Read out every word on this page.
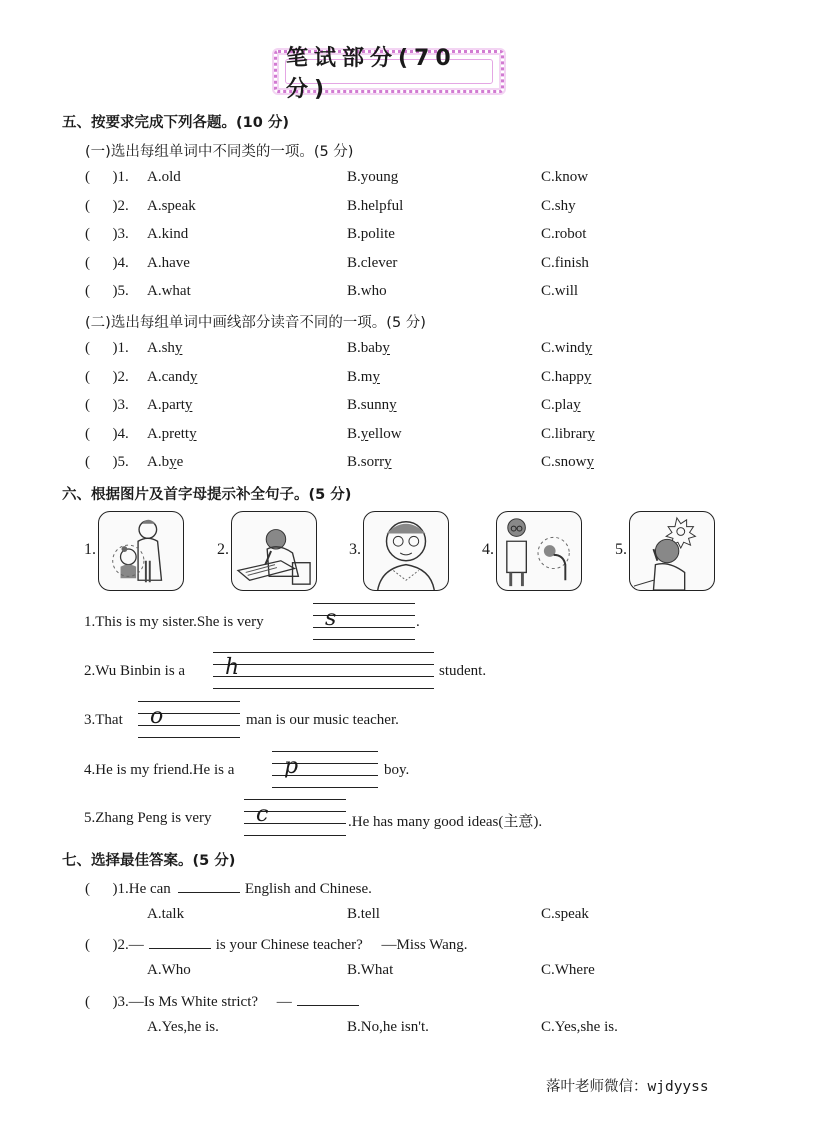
笔试部分(70 分)
五、按要求完成下列各题。(10 分)
(一)选出每组单词中不同类的一项。(5 分)
(      )1. A.old	B.young	C.know
(      )2. A.speak	B.helpful	C.shy
(      )3. A.kind	B.polite	C.robot
(      )4. A.have	B.clever	C.finish
(      )5. A.what	B.who	C.will
(二)选出每组单词中画线部分读音不同的一项。(5 分)
(      )1. A.shy	B.baby	C.windy
(      )2. A.candy	B.my	C.happy
(      )3. A.party	B.sunny	C.play
(      )4. A.pretty	B.yellow	C.library
(      )5. A.bye	B.sorry	C.snowy
六、根据图片及首字母提示补全句子。(5 分)
1.	2.	3.	4.	5.
1.This is my sister.She is very	s	.
2.Wu Binbin is a h	student.
3.That o	man is our music teacher.
4.He is my friend.He is a p	boy.
5.Zhang Peng is very c	.He has many good ideas(主意).
七、选择最佳答案。(5 分)
(      )1.He can	English and Chinese.
A.talk	B.tell	C.speak
(      )2.—	is your Chinese teacher?     —Miss Wang.
A.Who	B.What	C.Where
(      )3.—Is Ms White strict?     —
A.Yes,he is.	B.No,he isn't.	C.Yes,she is.
落叶老师微信：wjdyyss
